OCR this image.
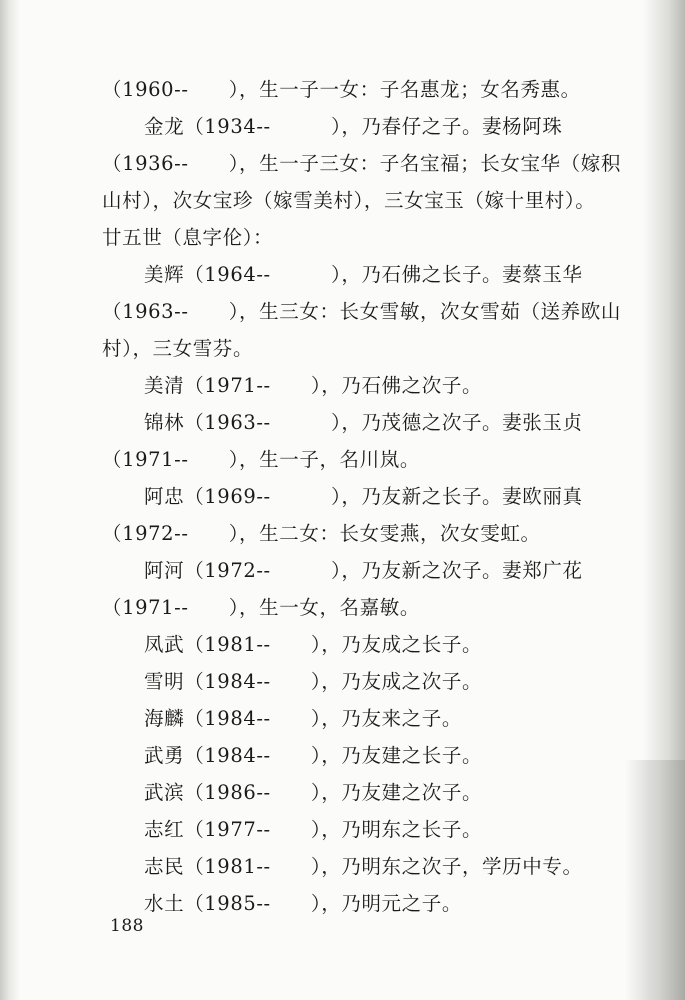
（1960--　　），生一子一女：子名惠龙；女名秀惠。
金龙（1934--　　　），乃春仔之子。妻杨阿珠
（1936--　　），生一子三女：子名宝福；长女宝华（嫁积
山村），次女宝珍（嫁雪美村），三女宝玉（嫁十里村）。
廿五世（息字伦）：
美辉（1964--　　　），乃石佛之长子。妻蔡玉华
（1963--　　），生三女：长女雪敏，次女雪茹（送养欧山
村），三女雪芬。
美清（1971--　　），乃石佛之次子。
锦林（1963--　　　），乃茂德之次子。妻张玉贞
（1971--　　），生一子，名川岚。
阿忠（1969--　　　），乃友新之长子。妻欧丽真
（1972--　　），生二女：长女雯燕，次女雯虹。
阿河（1972--　　　），乃友新之次子。妻郑广花
（1971--　　），生一女，名嘉敏。
凤武（1981--　　），乃友成之长子。
雪明（1984--　　），乃友成之次子。
海麟（1984--　　），乃友来之子。
武勇（1984--　　），乃友建之长子。
武滨（1986--　　），乃友建之次子。
志红（1977--　　），乃明东之长子。
志民（1981--　　），乃明东之次子，学历中专。
水土（1985--　　），乃明元之子。
188
